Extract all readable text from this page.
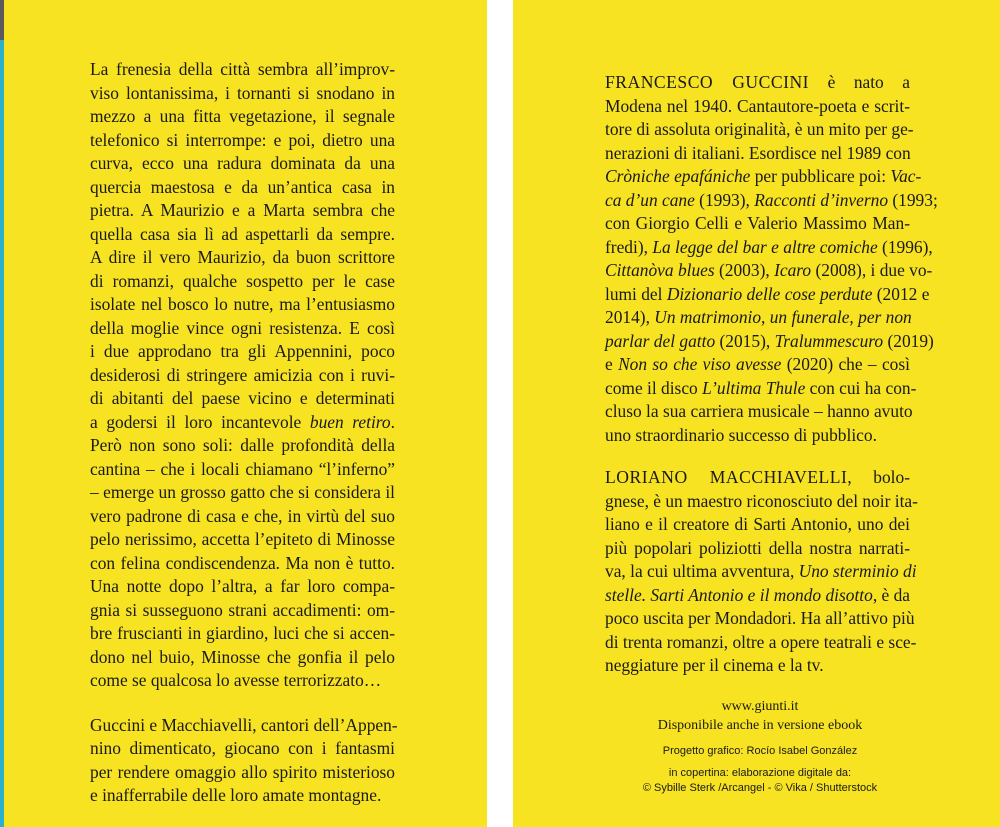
La frenesia della città sembra all’improv-
viso lontanissima, i tornanti si snodano in
mezzo a una fitta vegetazione, il segnale
telefonico si interrompe: e poi, dietro una
curva, ecco una radura dominata da una
quercia maestosa e da un’antica casa in
pietra. A Maurizio e a Marta sembra che
quella casa sia lì ad aspettarli da sempre.
A dire il vero Maurizio, da buon scrittore
di romanzi, qualche sospetto per le case
isolate nel bosco lo nutre, ma l’entusiasmo
della moglie vince ogni resistenza. E così
i due approdano tra gli Appennini, poco
desiderosi di stringere amicizia con i ruvi-
di abitanti del paese vicino e determinati
a godersi il loro incantevole buen retiro.
Però non sono soli: dalle profondità della
cantina – che i locali chiamano “l’inferno”
– emerge un grosso gatto che si considera il
vero padrone di casa e che, in virtù del suo
pelo nerissimo, accetta l’epiteto di Minosse
con felina condiscendenza. Ma non è tutto.
Una notte dopo l’altra, a far loro compa-
gnia si susseguono strani accadimenti: om-
bre fruscianti in giardino, luci che si accen-
dono nel buio, Minosse che gonfia il pelo
come se qualcosa lo avesse terrorizzato…

Guccini e Macchiavelli, cantori dell’Appen-
nino dimenticato, giocano con i fantasmi
per rendere omaggio allo spirito misterioso
e inafferrabile delle loro amate montagne.

FRANCESCO GUCCINI è nato a
Modena nel 1940. Cantautore-poeta e scrit-
tore di assoluta originalità, è un mito per ge-
nerazioni di italiani. Esordisce nel 1989 con
Cròniche epafániche per pubblicare poi: Vac-
ca d’un cane (1993), Racconti d’inverno (1993;
con Giorgio Celli e Valerio Massimo Man-
fredi), La legge del bar e altre comiche (1996),
Cittanòva blues (2003), Icaro (2008), i due vo-
lumi del Dizionario delle cose perdute (2012 e
2014), Un matrimonio, un funerale, per non
parlar del gatto (2015), Tralummescuro (2019)
e Non so che viso avesse (2020) che – così
come il disco L’ultima Thule con cui ha con-
cluso la sua carriera musicale – hanno avuto
uno straordinario successo di pubblico.

LORIANO MACCHIAVELLI, bolo-
gnese, è un maestro riconosciuto del noir ita-
liano e il creatore di Sarti Antonio, uno dei
più popolari poliziotti della nostra narrati-
va, la cui ultima avventura, Uno sterminio di
stelle. Sarti Antonio e il mondo disotto, è da
poco uscita per Mondadori. Ha all’attivo più
di trenta romanzi, oltre a opere teatrali e sce-
neggiature per il cinema e la tv.

www.giunti.it
Disponibile anche in versione ebook
Progetto grafico: Rocío Isabel González
in copertina: elaborazione digitale da:
© Sybille Sterk /Arcangel - © Vika / Shutterstock
